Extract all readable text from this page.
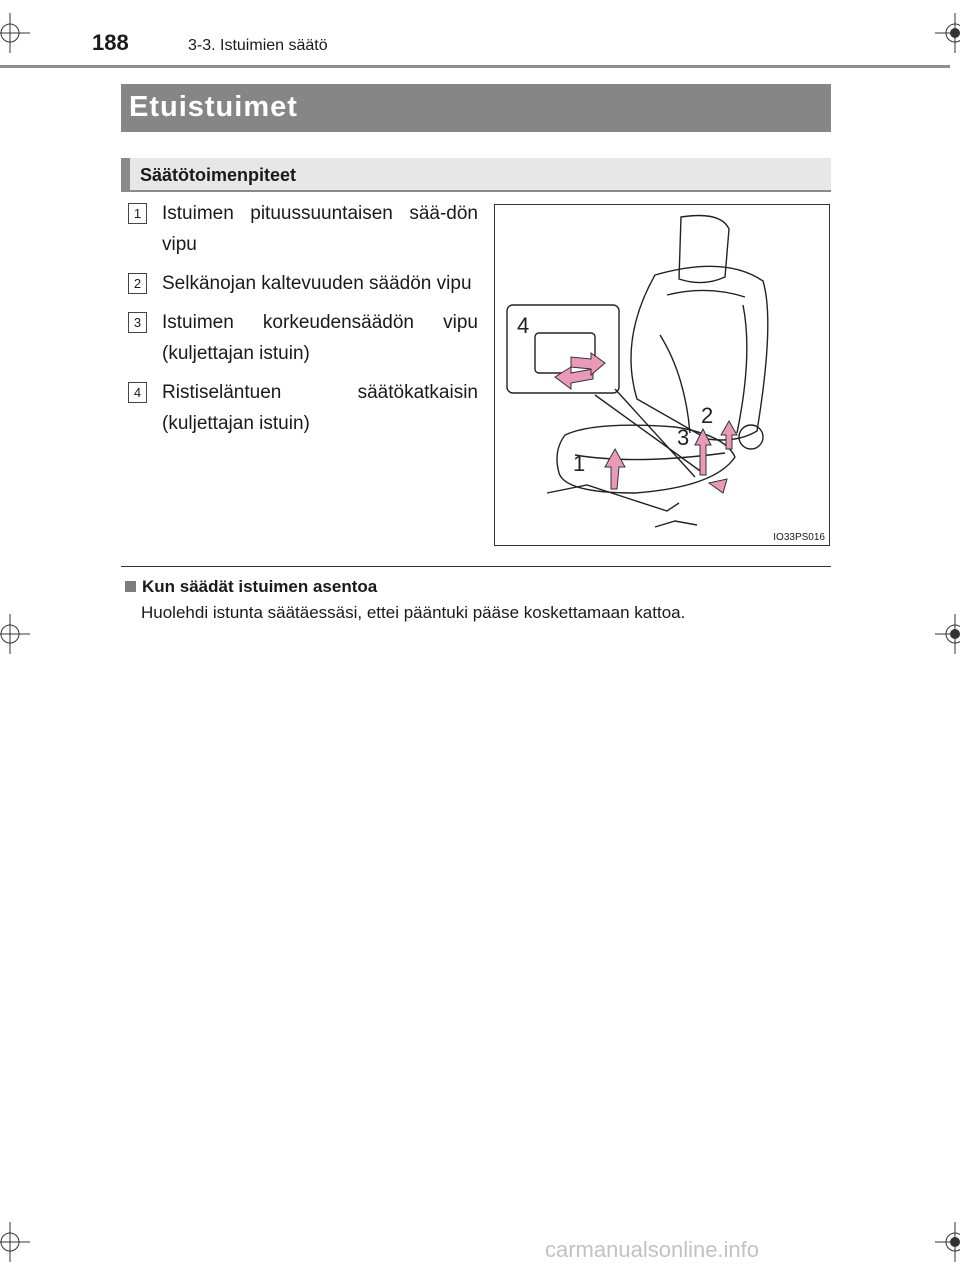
188	3-3. Istuimien säätö
Etuistuimet
Säätötoimenpiteet
1	Istuimen pituussuuntaisen sää-dön vipu
2	Selkänojan kaltevuuden säädön vipu
3	Istuimen korkeudensäädön vipu (kuljettajan istuin)
4	Ristiseläntuen säätökatkaisin (kuljettajan istuin)
4
2
3
1
IO33PS016
Kun säädät istuimen asentoa
Huolehdi istunta säätäessäsi, ettei pääntuki pääse koskettamaan kattoa.
carmanualsonline.info
